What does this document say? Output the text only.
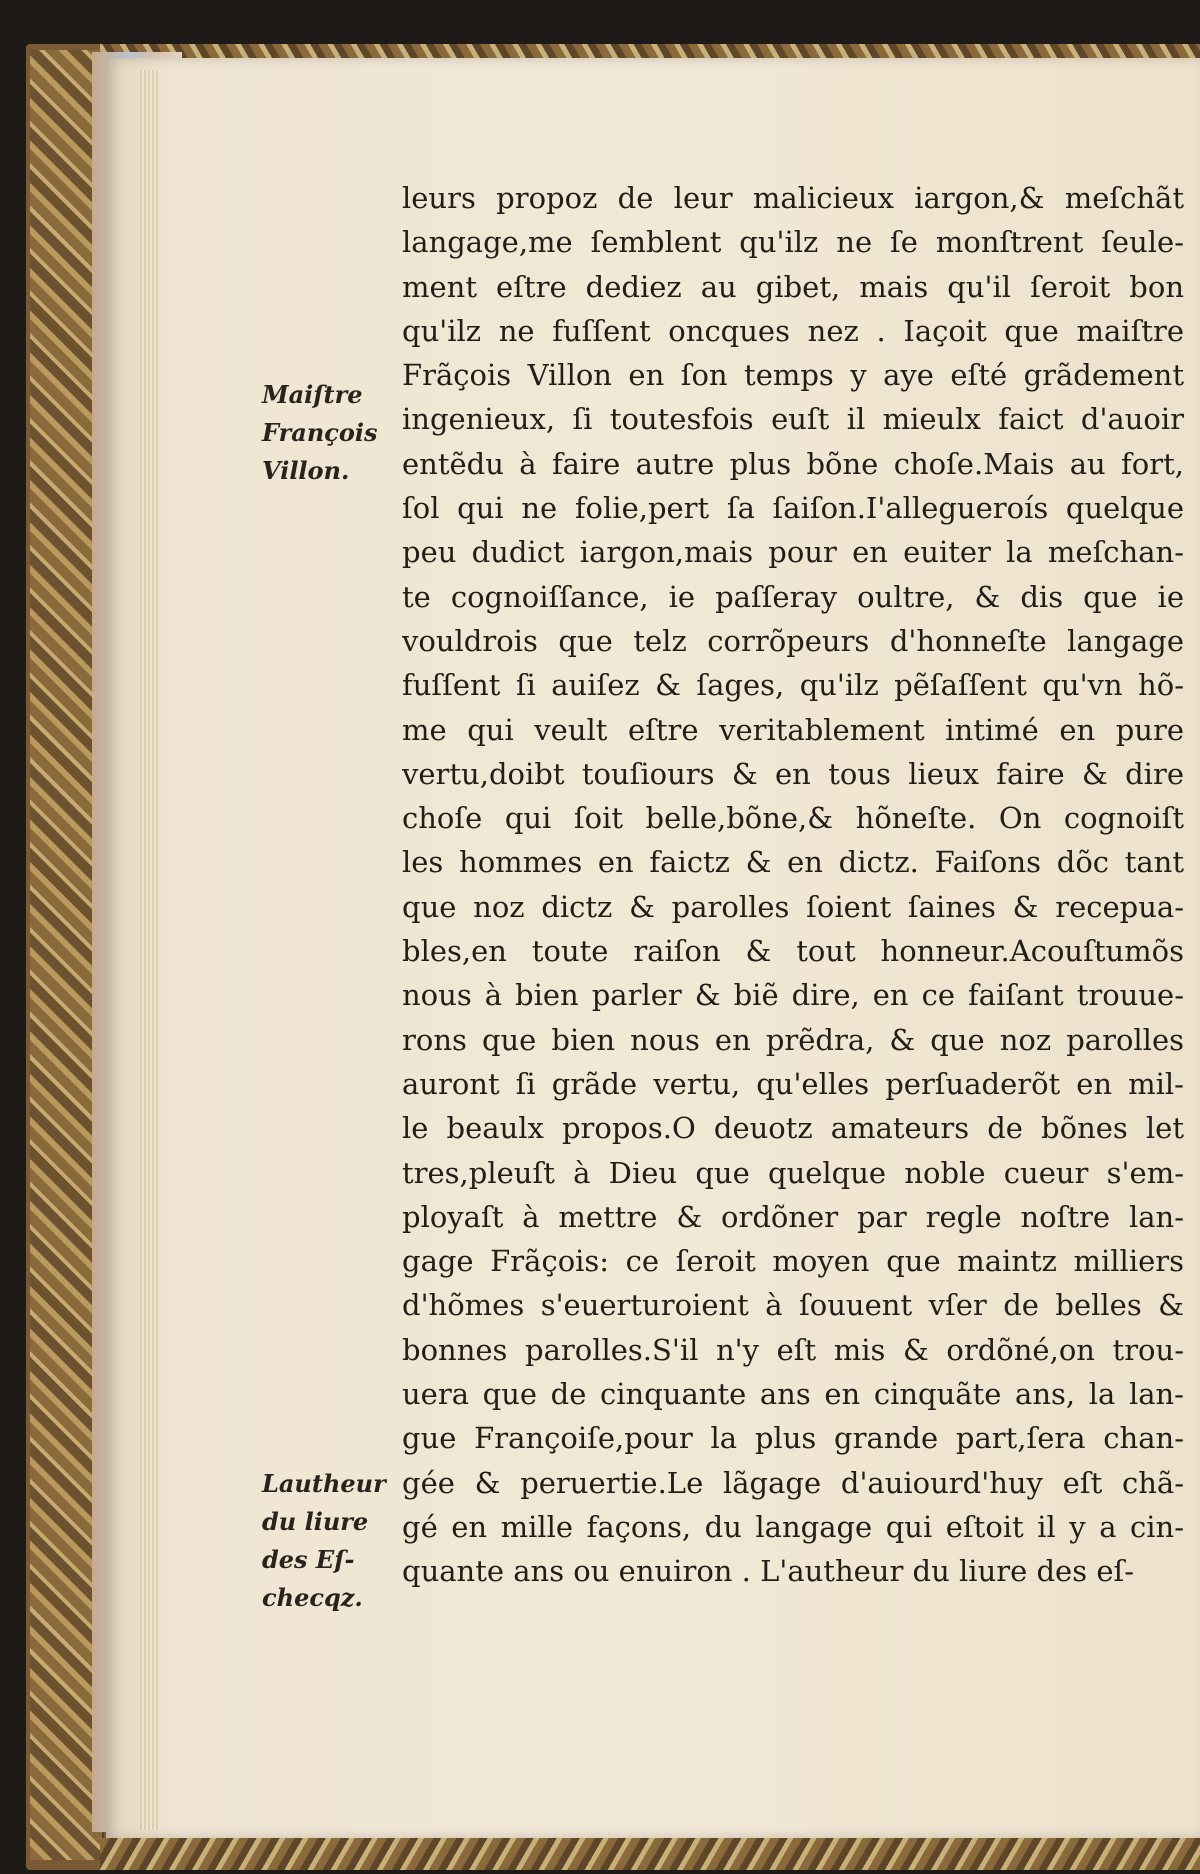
Maiſtre
François
Villon.
Lautheur
du liure
des Eſ-
checqz.
leurs propoz de leur malicieux iargon,& meſchãt
langage,me ſemblent qu'ilz ne ſe monſtrent ſeule-
ment eſtre dediez au gibet, mais qu'il ſeroit bon
qu'ilz ne fuſſent oncques nez . Iaçoit que maiſtre
Frãçois Villon en ſon temps y aye eſté grãdement
ingenieux, ſi toutesfois euſt il mieulx faict d'auoir
entẽdu à faire autre plus bõne choſe.Mais au fort,
ſol qui ne folie,pert ſa ſaiſon.I'allegueroís quelque
peu dudict iargon,mais pour en euiter la meſchan-
te cognoiſſance, ie paſſeray oultre, & dis que ie
vouldrois que telz corrõpeurs d'honneſte langage
fuſſent ſi auiſez & ſages, qu'ilz pẽſaſſent qu'vn hõ-
me qui veult eſtre veritablement intimé en pure
vertu,doibt touſiours & en tous lieux faire & dire
choſe qui ſoit belle,bõne,& hõneſte. On cognoiſt
les hommes en faictz & en dictz. Faiſons dõc tant
que noz dictz & parolles ſoient ſaines & recepua-
bles,en toute raiſon & tout honneur.Acouſtumõs
nous à bien parler & biẽ dire, en ce faiſant trouue-
rons que bien nous en prẽdra, & que noz parolles
auront ſi grãde vertu, qu'elles perſuaderõt en mil-
le beaulx propos.O deuotz amateurs de bõnes let
tres,pleuſt à Dieu que quelque noble cueur s'em-
ployaſt à mettre & ordõner par regle noſtre lan-
gage Frãçois: ce ſeroit moyen que maintz milliers
d'hõmes s'euerturoient à ſouuent vſer de belles &
bonnes parolles.S'il n'y eſt mis & ordõné,on trou-
uera que de cinquante ans en cinquãte ans, la lan-
gue Françoiſe,pour la plus grande part,ſera chan-
gée & peruertie.Le lãgage d'auiourd'huy eſt chã-
gé en mille façons, du langage qui eſtoit il y a cin-
quante ans ou enuiron . L'autheur du liure des eſ-
